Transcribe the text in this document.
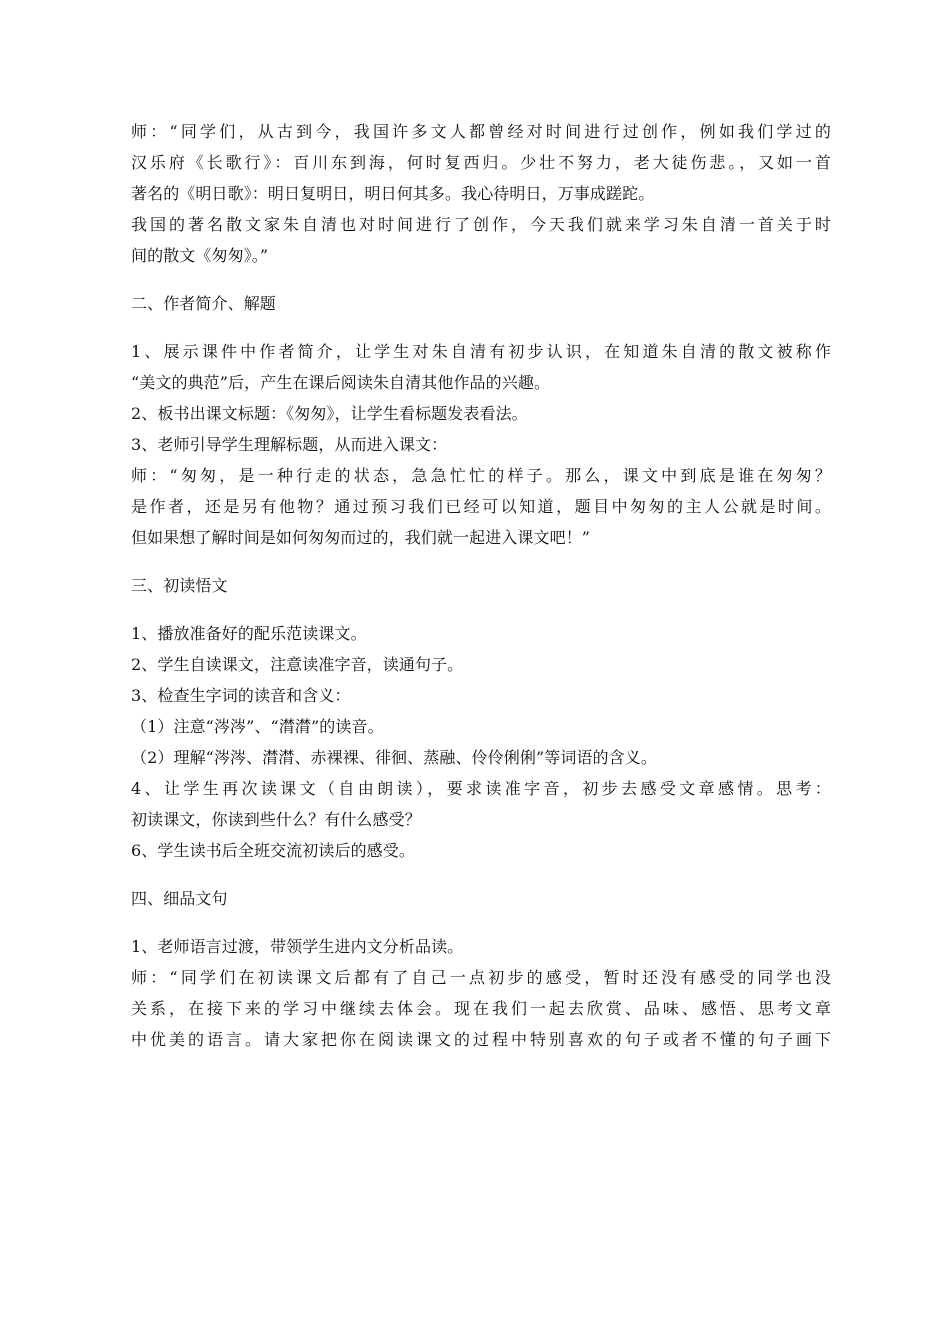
师：“同学们，从古到今，我国许多文人都曾经对时间进行过创作，例如我们学过的
汉乐府《长歌行》：百川东到海，何时复西归。少壮不努力，老大徒伤悲。，又如一首
著名的《明日歌》：明日复明日，明日何其多。我心待明日，万事成蹉跎。
我国的著名散文家朱自清也对时间进行了创作，今天我们就来学习朱自清一首关于时
间的散文《匆匆》。”
二、作者简介、解题
1、展示课件中作者简介，让学生对朱自清有初步认识，在知道朱自清的散文被称作
“美文的典范”后，产生在课后阅读朱自清其他作品的兴趣。
2、板书出课文标题：《匆匆》，让学生看标题发表看法。
3、老师引导学生理解标题，从而进入课文：
师：“匆匆，是一种行走的状态，急急忙忙的样子。那么，课文中到底是谁在匆匆？
是作者，还是另有他物？通过预习我们已经可以知道，题目中匆匆的主人公就是时间。
但如果想了解时间是如何匆匆而过的，我们就一起进入课文吧！”
三、初读悟文
1、播放准备好的配乐范读课文。
2、学生自读课文，注意读准字音，读通句子。
3、检查生字词的读音和含义：
（1）注意“涔涔”、“潸潸”的读音。
（2）理解“涔涔、潸潸、赤裸裸、徘徊、蒸融、伶伶俐俐”等词语的含义。
4、让学生再次读课文（自由朗读），要求读准字音，初步去感受文章感情。思考：
初读课文，你读到些什么？有什么感受？
6、学生读书后全班交流初读后的感受。
四、细品文句
1、老师语言过渡，带领学生进内文分析品读。
师：“同学们在初读课文后都有了自己一点初步的感受，暂时还没有感受的同学也没
关系，在接下来的学习中继续去体会。现在我们一起去欣赏、品味、感悟、思考文章
中优美的语言。请大家把你在阅读课文的过程中特别喜欢的句子或者不懂的句子画下
